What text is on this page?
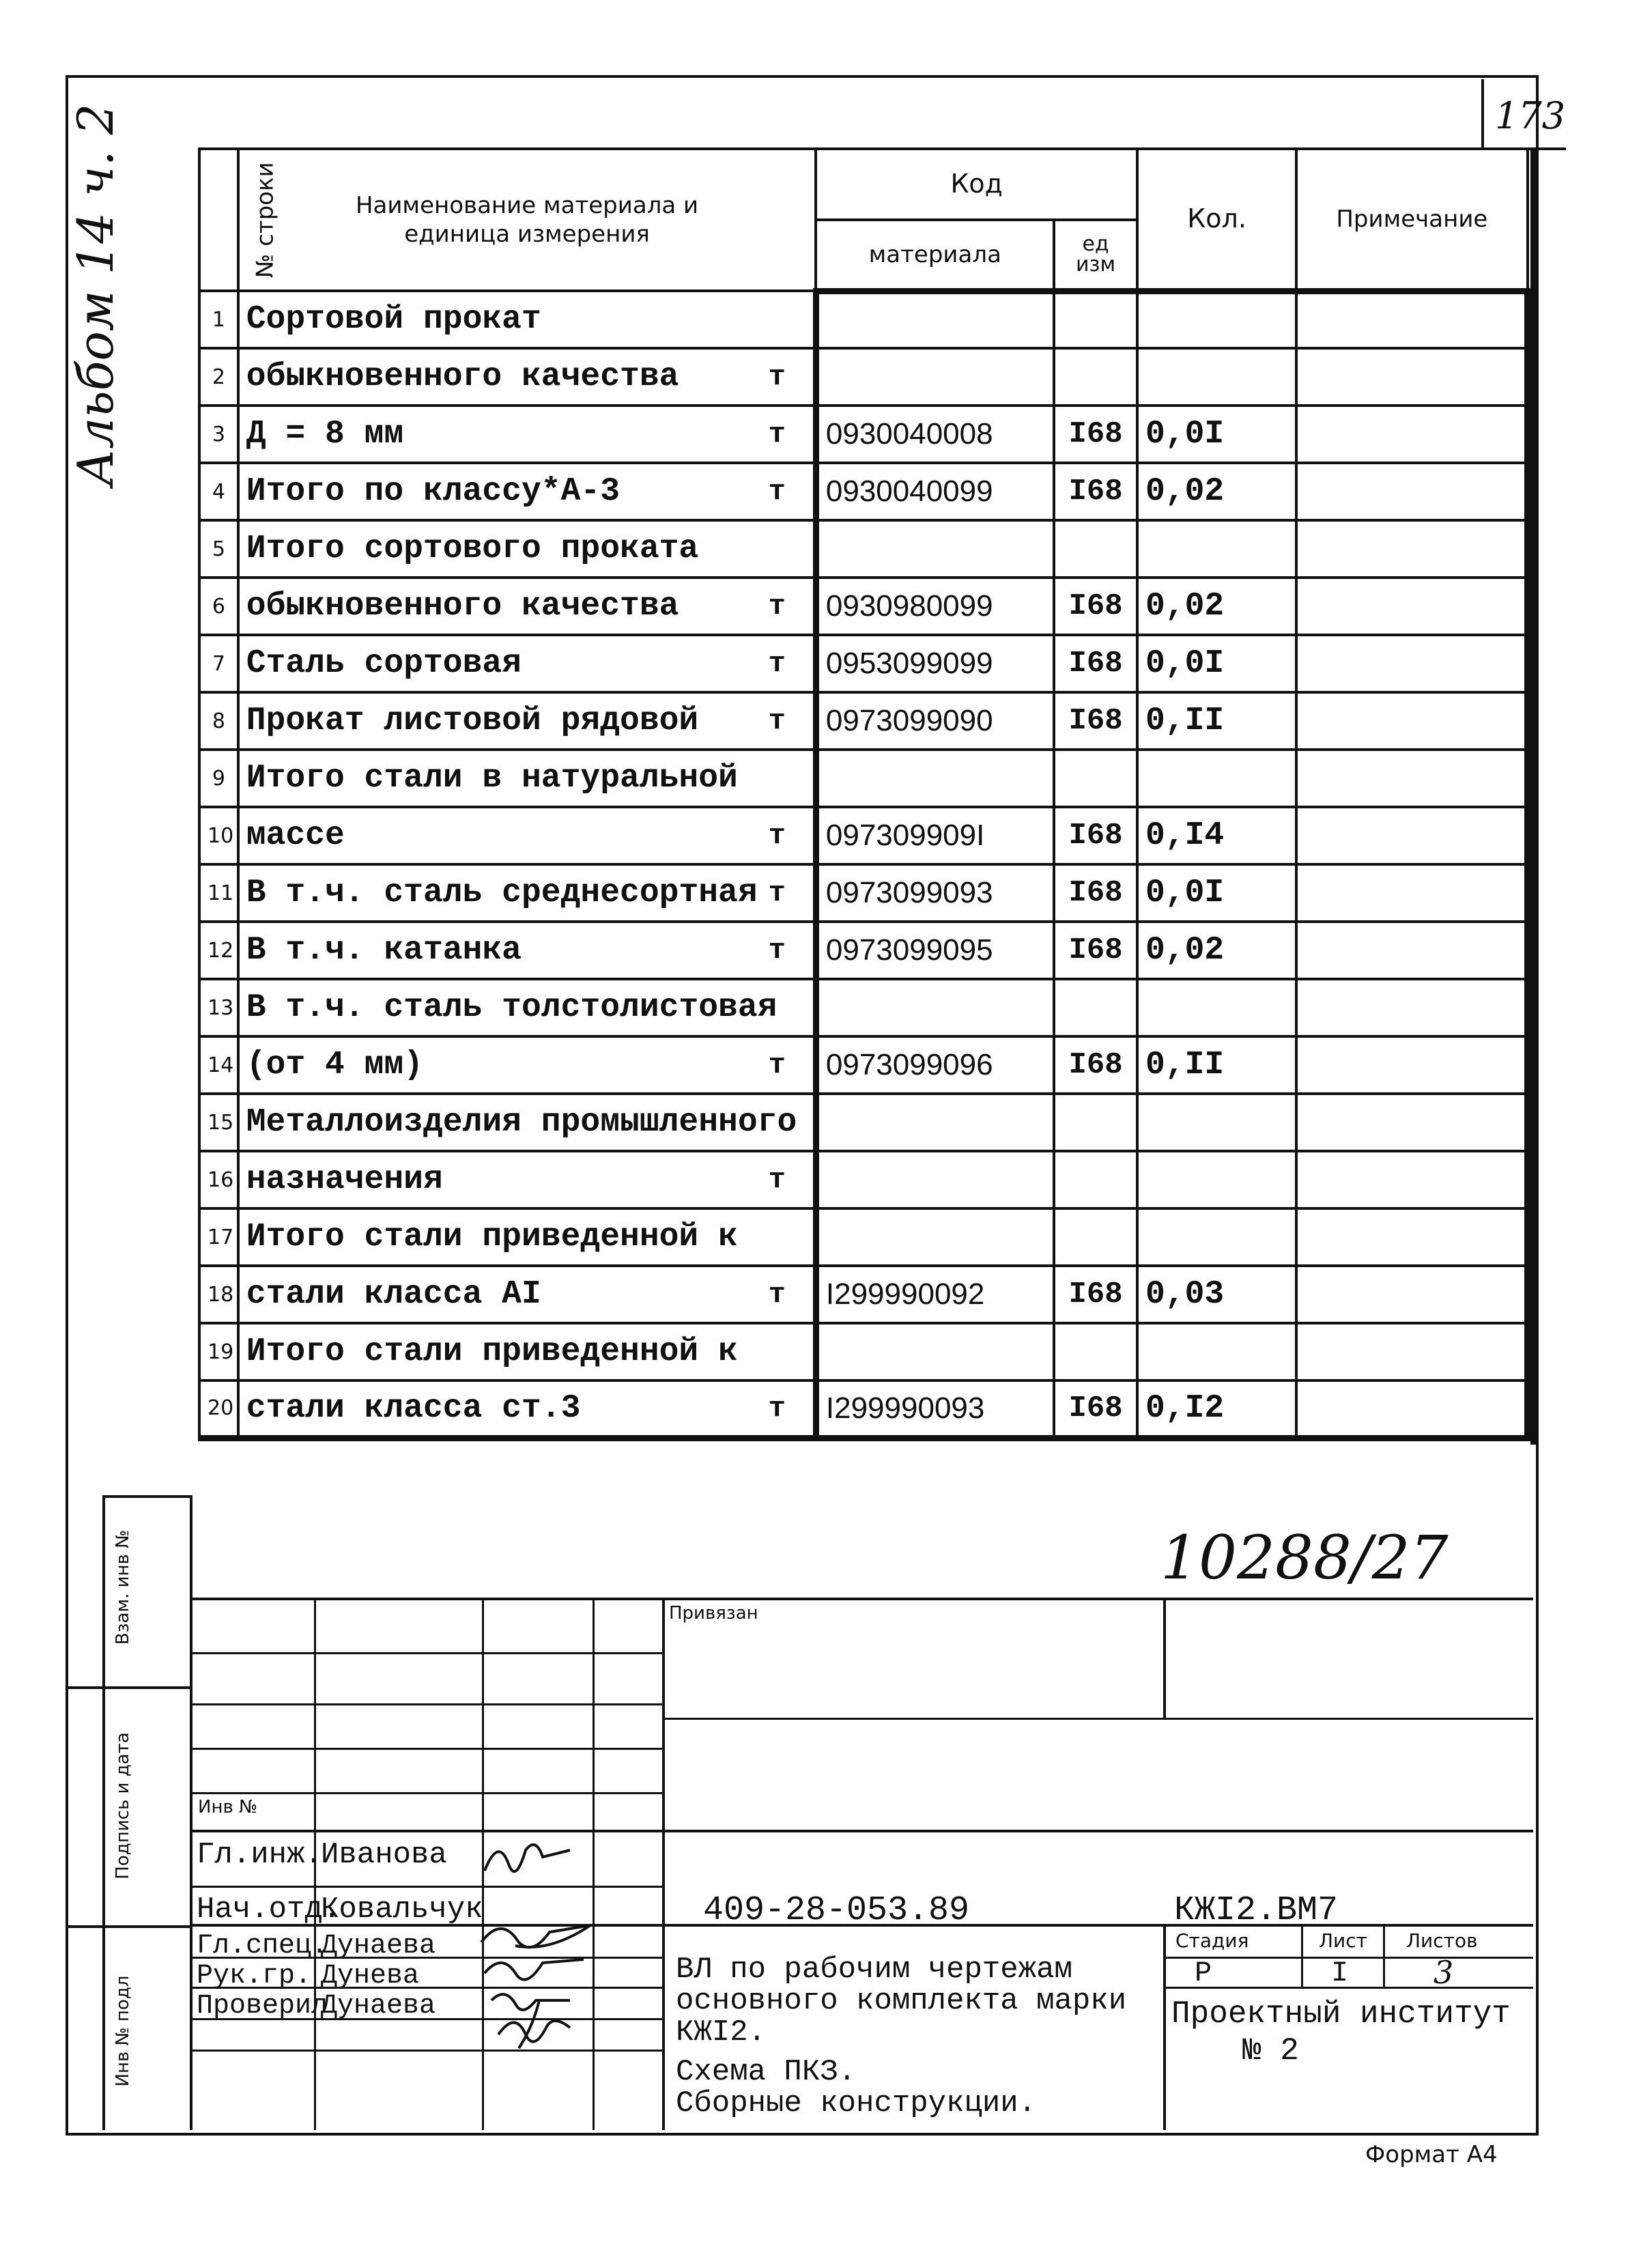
173
Альбом 14 ч. 2	№ строки	Наименование материала и единица измерения	Код		Кол.	Примечание
		материала	ед изм		
1	Сортовой прокат

2	обыкновенного качества т				

3	Д = 8 мм т	0930040008	I68	0,0I	
4	Итого по классу*А-3 т	0930040099	I68	0,02	
5	Итого сортового проката

6	обыкновенного качества т	0930980099	I68	0,02	
7	Сталь сортовая т	0953099099	I68	0,0I	
8	Прокат листовой рядовой т	0973099090	I68	0,II	
9	Итого стали в натуральной

10	массе т	097309909I	I68	0,I4	
11	В т.ч. сталь среднесортная т	0973099093	I68	0,0I	
12	В т.ч. катанка т	0973099095	I68	0,02	
13	В т.ч. сталь толстолистовая

14	(от 4 мм) т	0973099096	I68	0,II	
15	Металлоизделия промышленного

16	назначения т				

17	Итого стали приведенной к

18	стали класса АI т	I299990092	I68	0,03	
19	Итого стали приведенной к

20	стали класса ст.3 т	I299990093	I68	0,I2	
10288/27
Взам. инв №
Подпись и дата
Инв № подл
Привязан
Инв №
Гл.инж.
Иванова
Нач.отд.
Ковальчук
Гл.спец.
Дунаева
Рук.гр. Дунева
Проверил
Дунаева
409-28-053.89	КЖI2.ВМ7
ВЛ по рабочим чертежам
основного комплекта марки
КЖI2.
Схема ПКЗ.
Сборные конструкции.
Стадия	Лист Листов
Р	I	3
Проектный институт
№ 2
Формат А4
